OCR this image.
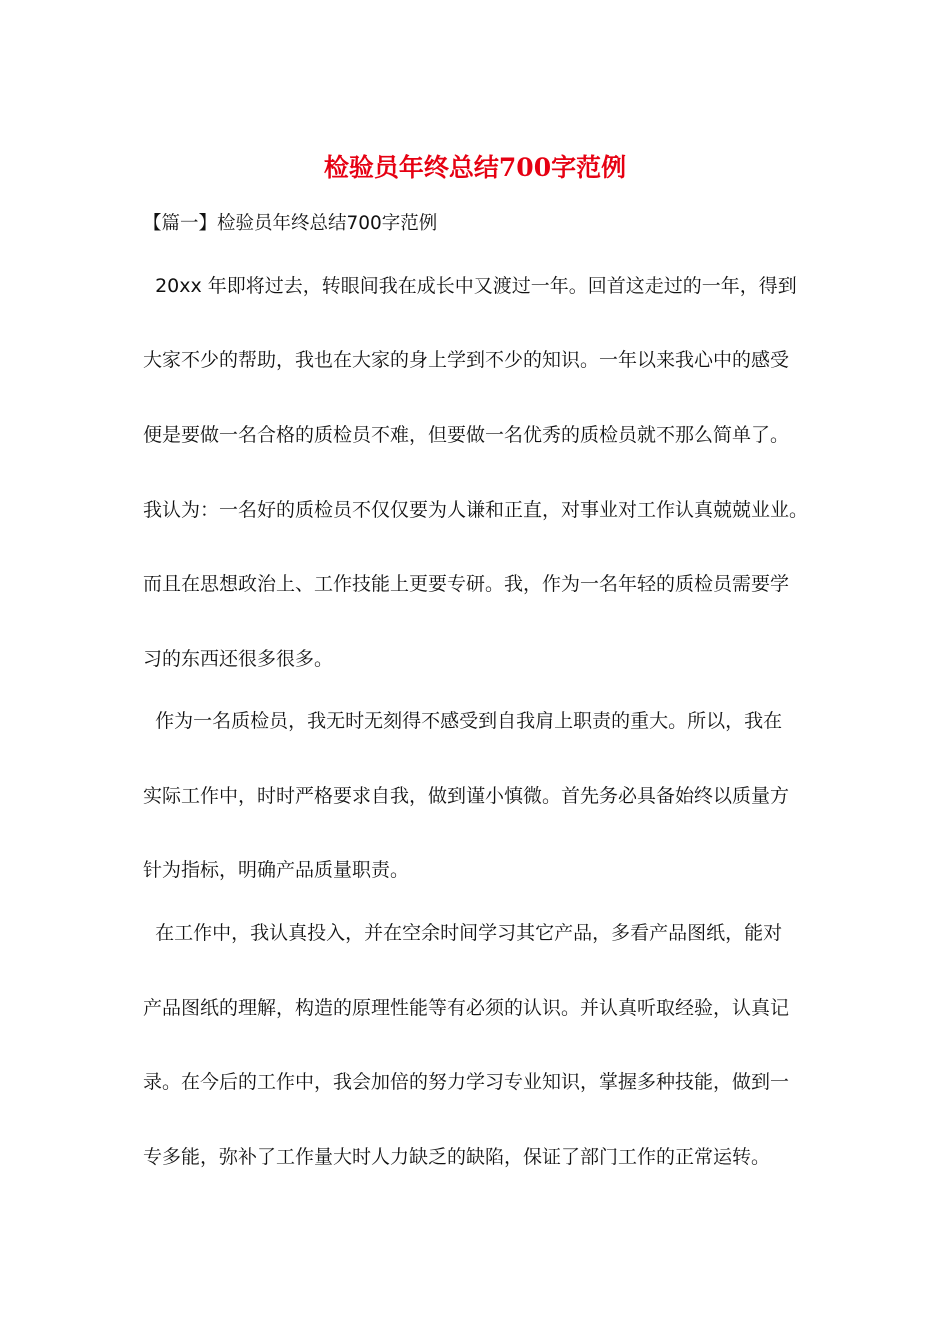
检验员年终总结700字范例
【篇一】检验员年终总结700字范例
20xx 年即将过去，转眼间我在成长中又渡过一年。回首这走过的一年，得到
大家不少的帮助，我也在大家的身上学到不少的知识。一年以来我心中的感受
便是要做一名合格的质检员不难，但要做一名优秀的质检员就不那么简单了。
我认为：一名好的质检员不仅仅要为人谦和正直，对事业对工作认真兢兢业业。
而且在思想政治上、工作技能上更要专研。我，作为一名年轻的质检员需要学
习的东西还很多很多。
作为一名质检员，我无时无刻得不感受到自我肩上职责的重大。所以，我在
实际工作中，时时严格要求自我，做到谨小慎微。首先务必具备始终以质量方
针为指标，明确产品质量职责。
在工作中，我认真投入，并在空余时间学习其它产品，多看产品图纸，能对
产品图纸的理解，构造的原理性能等有必须的认识。并认真听取经验，认真记
录。在今后的工作中，我会加倍的努力学习专业知识，掌握多种技能，做到一
专多能，弥补了工作量大时人力缺乏的缺陷，保证了部门工作的正常运转。
